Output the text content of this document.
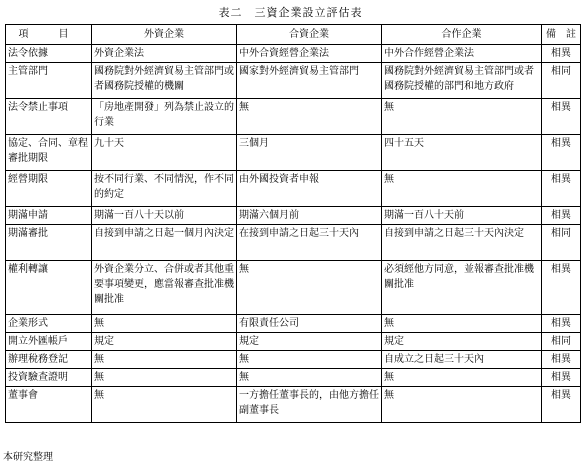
表二　三資企業設立評估表
項　目	外資企業	合資企業	合作企業	備　註
法令依據	外資企業法	中外合資經營企業法	中外合作經營企業法	相異
主管部門	國務院對外經濟貿易主管部門或者國務院授權的機關	國家對外經濟貿易主管部門	國務院對外經濟貿易主管部門或者國務院授權的部門和地方政府	相同
法令禁止事項	「房地產開發」列為禁止設立的行業	無	無	相異
協定、合同、章程審批期限	九十天	三個月	四十五天	相異
經營期限	按不同行業、不同情況，作不同的約定	由外國投資者申報	無	相異
期滿申請	期滿一百八十天以前	期滿六個月前	期滿一百八十天前	相異
期滿審批	自接到申請之日起一個月內決定	在接到申請之日起三十天內	自接到申請之日起三十天內決定	相同
權利轉讓	外資企業分立、合併或者其他重要事項變更，應當報審查批准機關批准	無	必須經他方同意，並報審查批准機關批准	相異
企業形式	無	有限責任公司	無	相異
開立外匯帳戶	規定	規定	規定	相同
辦理稅務登記	無	無	自成立之日起三十天內	相異
投資驗查證明	無	無	無	相異
董事會	無	一方擔任董事長的，由他方擔任副董事長	無	相異
本研究整理
